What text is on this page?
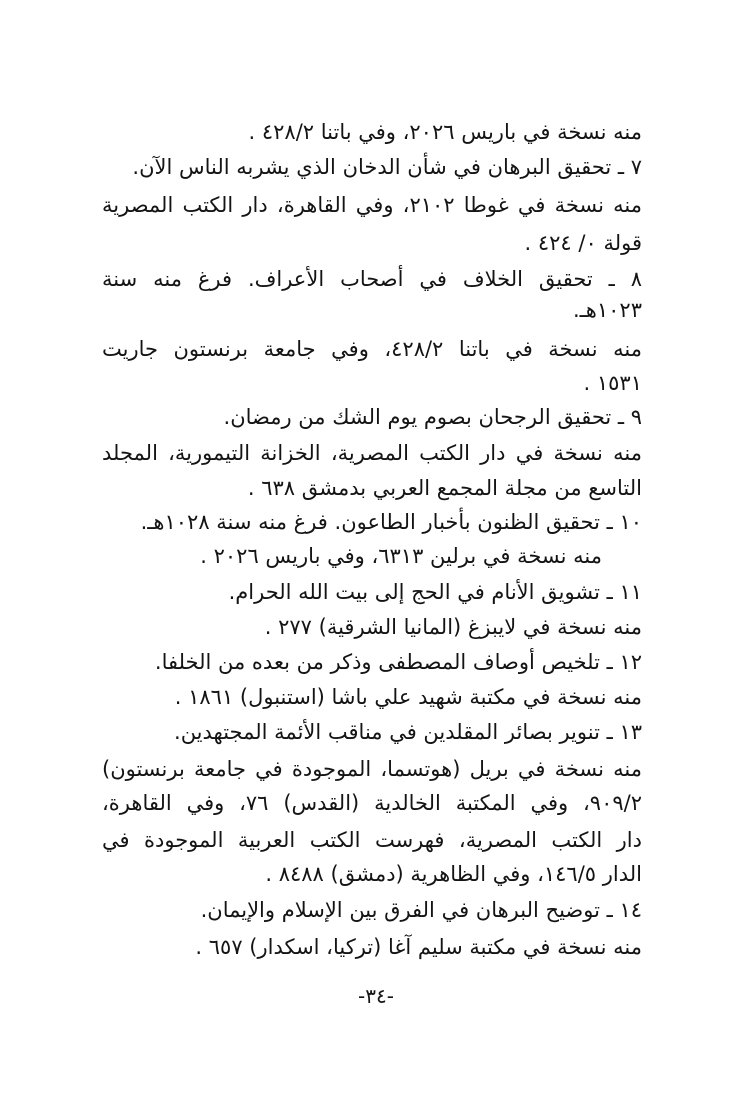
منه نسخة في باريس ٢٠٢٦، وفي باتنا ٤٢٨/٢ .
٧ ـ تحقيق البرهان في شأن الدخان الذي يشربه الناس الآن.
منه نسخة في غوطا ٢١٠٢، وفي القاهرة، دار الكتب المصرية
قولة ٠/ ٤٢٤ .
٨ ـ تحقيق الخلاف في أصحاب الأعراف. فرغ منه سنة
١٠٢٣هـ.
منه نسخة في باتنا ٤٢٨/٢، وفي جامعة برنستون جاريت
١٥٣١ .
٩ ـ تحقيق الرجحان بصوم يوم الشك من رمضان.
منه نسخة في دار الكتب المصرية، الخزانة التيمورية، المجلد
التاسع من مجلة المجمع العربي بدمشق ٦٣٨ .
١٠ ـ تحقيق الظنون بأخبار الطاعون. فرغ منه سنة ١٠٢٨هـ.
منه نسخة في برلين ٦٣١٣، وفي باريس ٢٠٢٦ .
١١ ـ تشويق الأنام في الحج إلى بيت الله الحرام.
منه نسخة في لايبزغ (المانيا الشرقية) ٢٧٧ .
١٢ ـ تلخيص أوصاف المصطفى وذكر من بعده من الخلفا.
منه نسخة في مكتبة شهيد علي باشا (استنبول) ١٨٦١ .
١٣ ـ تنوير بصائر المقلدين في مناقب الأئمة المجتهدين.
منه نسخة في بريل (هوتسما، الموجودة في جامعة برنستون)
٩٠٩/٢، وفي المكتبة الخالدية (القدس) ٧٦، وفي القاهرة،
دار الكتب المصرية، فهرست الكتب العربية الموجودة في
الدار ١٤٦/٥، وفي الظاهرية (دمشق) ٨٤٨٨ .
١٤ ـ توضيح البرهان في الفرق بين الإسلام والإيمان.
منه نسخة في مكتبة سليم آغا (تركيا، اسكدار) ٦٥٧ .
-٣٤-
